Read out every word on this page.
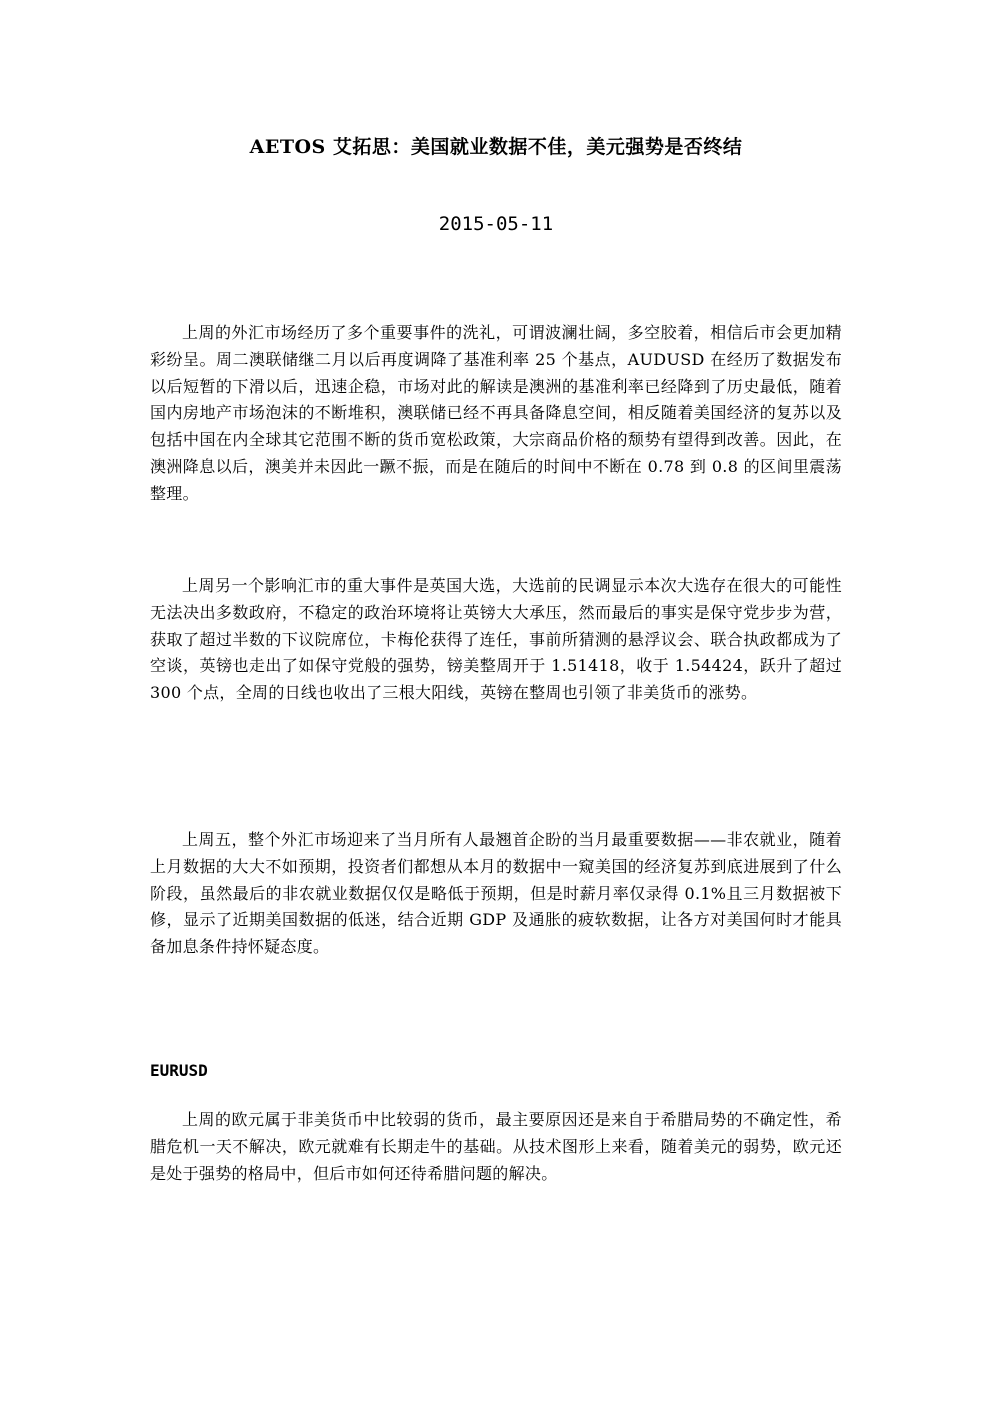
AETOS 艾拓思：美国就业数据不佳，美元强势是否终结
2015-05-11

上周的外汇市场经历了多个重要事件的洗礼，可谓波澜壮阔，多空胶着，相信后市会更加精彩纷呈。周二澳联储继二月以后再度调降了基准利率 25 个基点，AUDUSD 在经历了数据发布以后短暂的下滑以后，迅速企稳，市场对此的解读是澳洲的基准利率已经降到了历史最低，随着国内房地产市场泡沫的不断堆积，澳联储已经不再具备降息空间，相反随着美国经济的复苏以及包括中国在内全球其它范围不断的货币宽松政策，大宗商品价格的颓势有望得到改善。因此，在澳洲降息以后，澳美并未因此一蹶不振，而是在随后的时间中不断在 0.78 到 0.8 的区间里震荡整理。

上周另一个影响汇市的重大事件是英国大选，大选前的民调显示本次大选存在很大的可能性无法决出多数政府，不稳定的政治环境将让英镑大大承压，然而最后的事实是保守党步步为营，获取了超过半数的下议院席位，卡梅伦获得了连任，事前所猜测的悬浮议会、联合执政都成为了空谈，英镑也走出了如保守党般的强势，镑美整周开于 1.51418，收于 1.54424，跃升了超过 300 个点，全周的日线也收出了三根大阳线，英镑在整周也引领了非美货币的涨势。

上周五，整个外汇市场迎来了当月所有人最翘首企盼的当月最重要数据——非农就业，随着上月数据的大大不如预期，投资者们都想从本月的数据中一窥美国的经济复苏到底进展到了什么阶段，虽然最后的非农就业数据仅仅是略低于预期，但是时薪月率仅录得 0.1%且三月数据被下修，显示了近期美国数据的低迷，结合近期 GDP 及通胀的疲软数据，让各方对美国何时才能具备加息条件持怀疑态度。

EURUSD

上周的欧元属于非美货币中比较弱的货币，最主要原因还是来自于希腊局势的不确定性，希腊危机一天不解决，欧元就难有长期走牛的基础。从技术图形上来看，随着美元的弱势，欧元还是处于强势的格局中，但后市如何还待希腊问题的解决。
